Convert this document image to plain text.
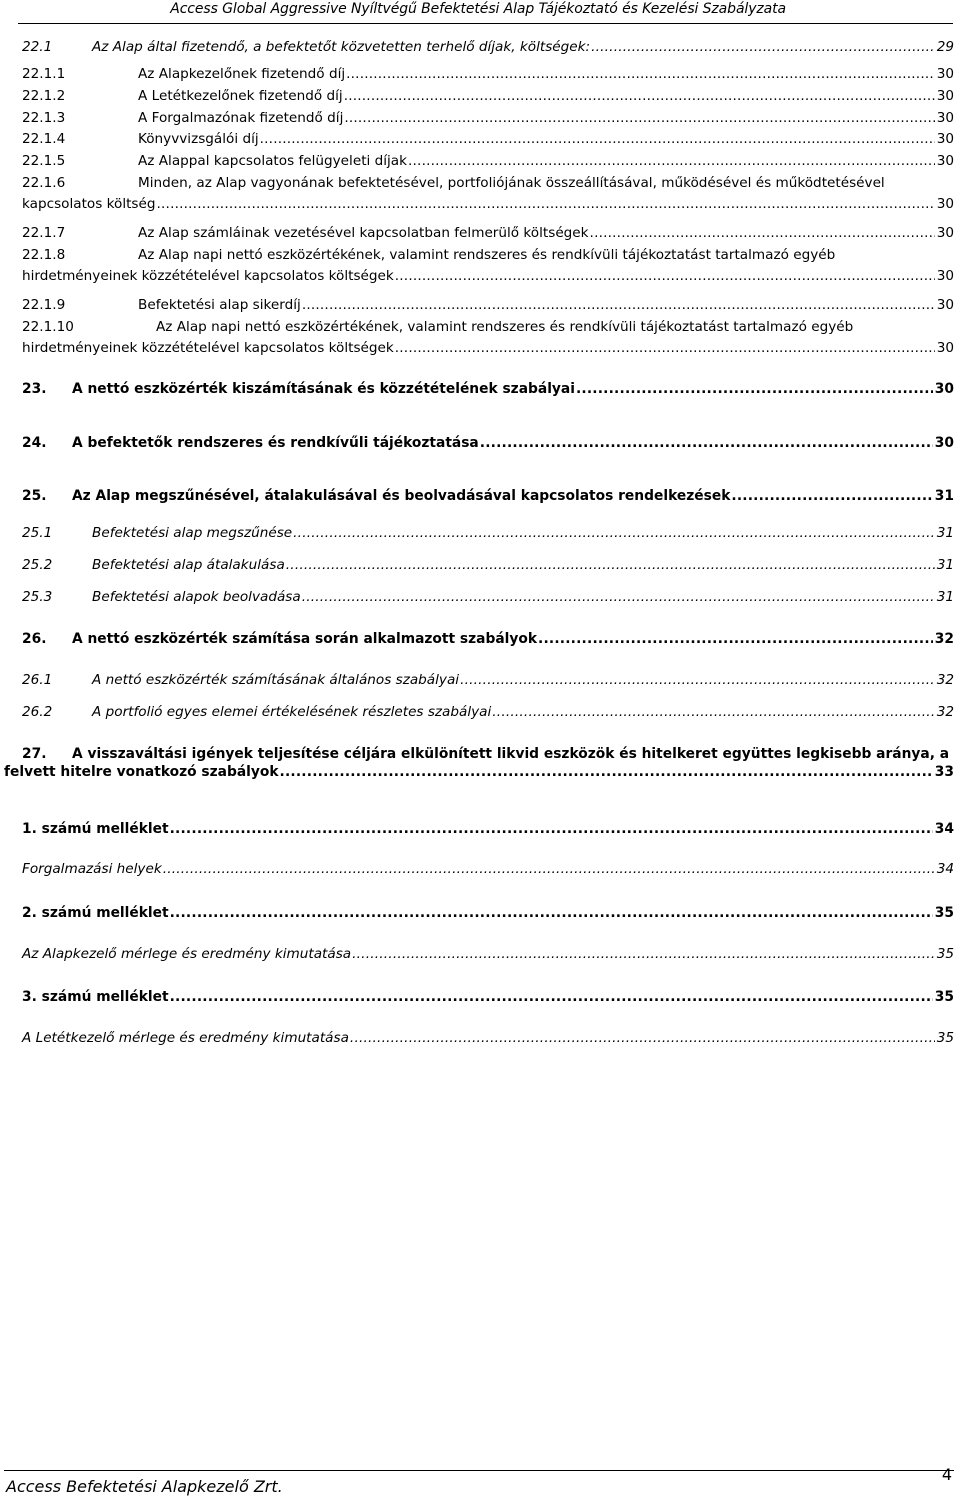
Access Global Aggressive Nyíltvégű Befektetési Alap Tájékoztató és Kezelési Szabályzata
22.1	Az Alap által fizetendő, a befektetőt közvetetten terhelő díjak, költségek: .....	29
22.1.1	Az Alapkezelőnek fizetendő díj .....	30
22.1.2	A Letétkezelőnek fizetendő díj .....	30
22.1.3	A Forgalmazónak fizetendő díj .....	30
22.1.4	Könyvvizsgálói díj .....	30
22.1.5	Az Alappal kapcsolatos felügyeleti díjak .....	30
22.1.6	Minden, az Alap vagyonának befektetésével, portfoliójának összeállításával, működésével és működtetésével
kapcsolatos költség .....	30
22.1.7	Az Alap számláinak vezetésével kapcsolatban felmerülő költségek .....	30
22.1.8	Az Alap napi nettó eszközértékének, valamint rendszeres és rendkívüli tájékoztatást tartalmazó egyéb
hirdetményeinek közzétételével kapcsolatos költségek .....	30
22.1.9	Befektetési alap sikerdíj .....	30
22.1.10	Az Alap napi nettó eszközértékének, valamint rendszeres és rendkívüli tájékoztatást tartalmazó egyéb
hirdetményeinek közzétételével kapcsolatos költségek .....	30
23. A nettó eszközérték kiszámításának és közzétételének szabályai .....	30
24. A befektetők rendszeres és rendkívűli tájékoztatása .....	30
25. Az Alap megszűnésével, átalakulásával és beolvadásával kapcsolatos rendelkezések .....	31
25.1	Befektetési alap megszűnése .....	31
25.2	Befektetési alap átalakulása .....	31
25.3	Befektetési alapok beolvadása .....	31
26. A nettó eszközérték számítása során alkalmazott szabályok .....	32
26.1	A nettó eszközérték számításának általános szabályai .....	32
26.2	A portfolió egyes elemei értékelésének részletes szabályai .....	32
27.	A visszaváltási igények teljesítése céljára elkülönített likvid eszközök és hitelkeret együttes legkisebb aránya, a
felvett hitelre vonatkozó szabályok .....	33
1. számú melléklet .....	34
Forgalmazási helyek .....	34
2. számú melléklet .....	35
Az Alapkezelő mérlege és eredmény kimutatása .....	35
3. számú melléklet .....	35
A Letétkezelő mérlege és eredmény kimutatása .....	35
Access Befektetési Alapkezelő Zrt.
4
